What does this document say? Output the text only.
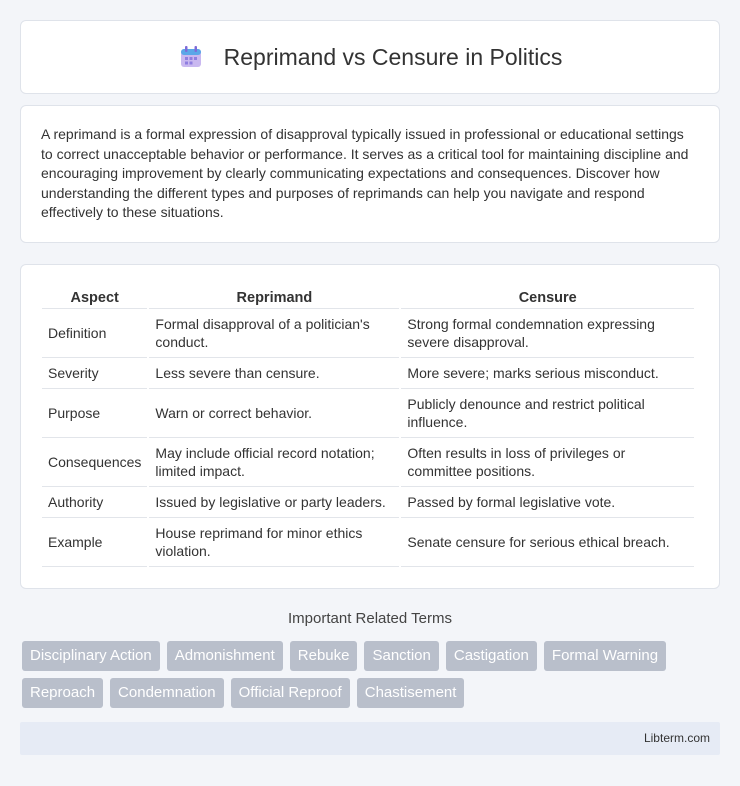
Reprimand vs Censure in Politics

A reprimand is a formal expression of disapproval typically issued in professional or educational settings to correct unacceptable behavior or performance. It serves as a critical tool for maintaining discipline and encouraging improvement by clearly communicating expectations and consequences. Discover how understanding the different types and purposes of reprimands can help you navigate and respond effectively to these situations.

Aspect	Reprimand	Censure
Definition	Formal disapproval of a politician's conduct.	Strong formal condemnation expressing severe disapproval.
Severity	Less severe than censure.	More severe; marks serious misconduct.
Purpose	Warn or correct behavior.	Publicly denounce and restrict political influence.
Consequences	May include official record notation; limited impact.	Often results in loss of privileges or committee positions.
Authority	Issued by legislative or party leaders.	Passed by formal legislative vote.
Example	House reprimand for minor ethics violation.	Senate censure for serious ethical breach.
Important Related Terms
Disciplinary Action	Admonishment	Rebuke	Sanction	Castigation	Formal Warning
Reproach	Condemnation	Official Reproof	Chastisement
Libterm.com
